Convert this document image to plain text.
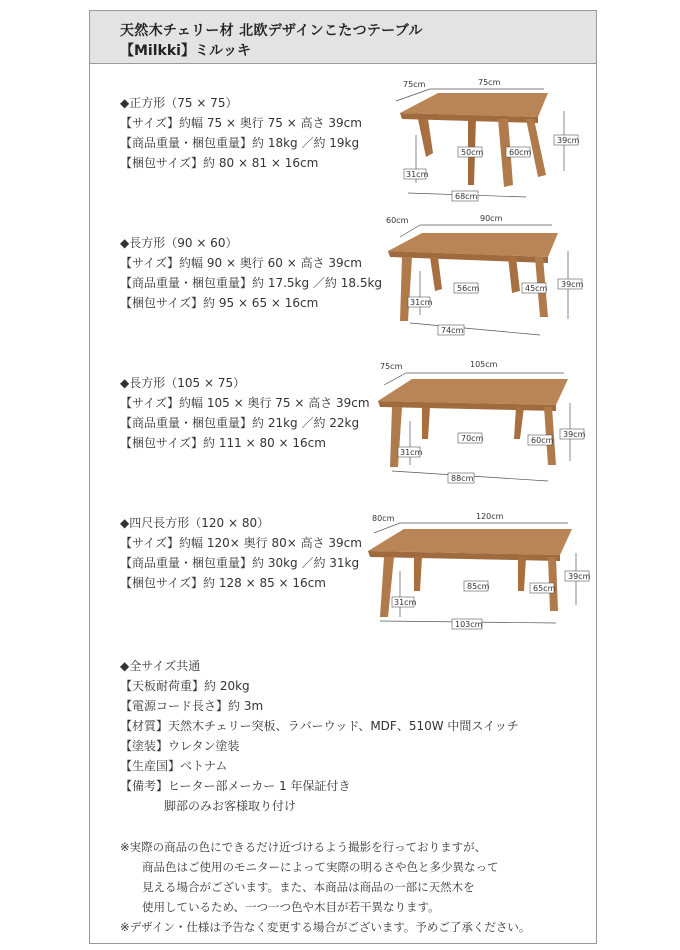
天然木チェリー材 北欧デザインこたつテーブル
【Milkki】ミルッキ
◆正方形（75 × 75）
【サイズ】約幅 75 × 奥行 75 × 高さ 39cm
【商品重量・梱包重量】約 18kg ／約 19kg
【梱包サイズ】約 80 × 81 × 16cm
75cm	75cm
39cm
50cm	60cm
31cm
68cm
◆長方形（90 × 60）
【サイズ】約幅 90 × 奥行 60 × 高さ 39cm
【商品重量・梱包重量】約 17.5kg ／約 18.5kg
【梱包サイズ】約 95 × 65 × 16cm
60cm	90cm
39cm
56cm	45cm
31cm
74cm
◆長方形（105 × 75）
【サイズ】約幅 105 × 奥行 75 × 高さ 39cm
【商品重量・梱包重量】約 21kg ／約 22kg
【梱包サイズ】約 111 × 80 × 16cm
75cm	105cm
39cm
70cm	60cm
31cm
88cm
◆四尺長方形（120 × 80）
【サイズ】約幅 120× 奥行 80× 高さ 39cm
【商品重量・梱包重量】約 30kg ／約 31kg
【梱包サイズ】約 128 × 85 × 16cm
80cm	120cm
39cm
85cm	65cm
31cm
103cm
◆全サイズ共通
【天板耐荷重】約 20kg
【電源コード長さ】約 3m
【材質】天然木チェリー突板、ラバーウッド、MDF、510W 中間スイッチ
【塗装】ウレタン塗装
【生産国】ベトナム
【備考】ヒーター部メーカー 1 年保証付き
脚部のみお客様取り付け
※実際の商品の色にできるだけ近づけるよう撮影を行っておりますが、
商品色はご使用のモニターによって実際の明るさや色と多少異なって
見える場合がございます。また、本商品は商品の一部に天然木を
使用しているため、一つ一つ色や木目が若干異なります。
※デザイン・仕様は予告なく変更する場合がございます。予めご了承ください。
